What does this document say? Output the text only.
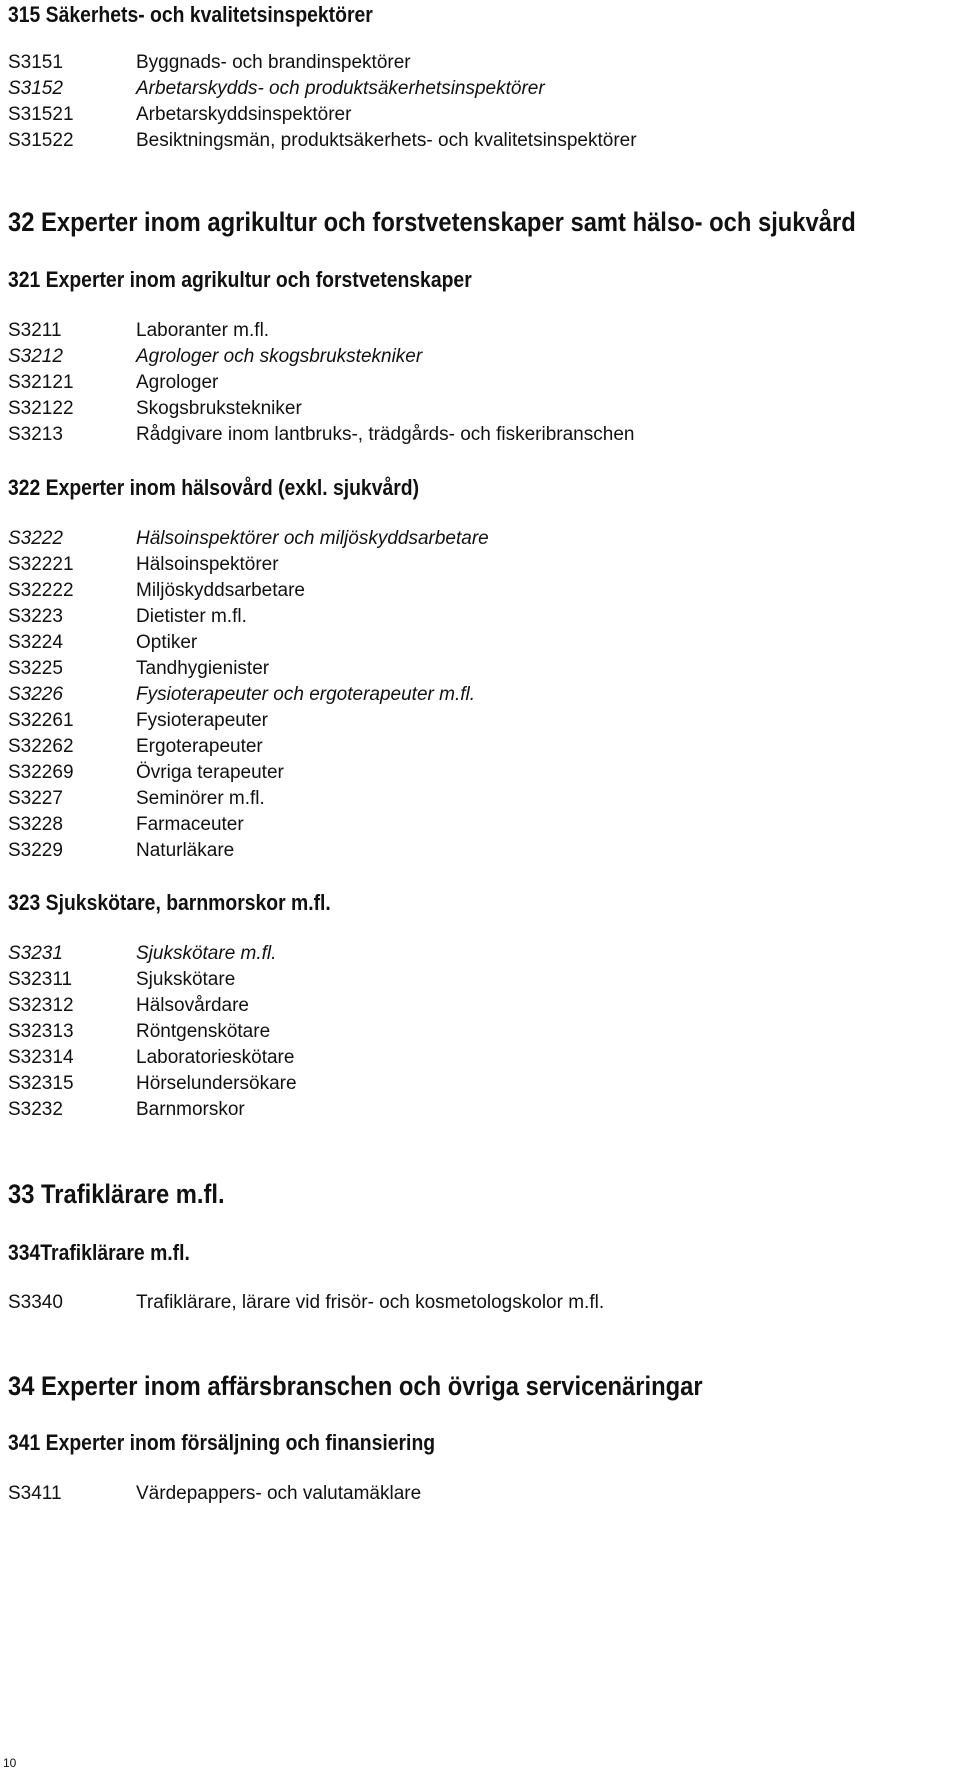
315 Säkerhets- och kvalitetsinspektörer
S3151	Byggnads- och brandinspektörer
S3152	Arbetarskydds- och produktsäkerhetsinspektörer
S31521	Arbetarskyddsinspektörer
S31522	Besiktningsmän, produktsäkerhets- och kvalitetsinspektörer
32 Experter inom agrikultur och forstvetenskaper samt hälso- och sjukvård
321 Experter inom agrikultur och forstvetenskaper
S3211	Laboranter m.fl.
S3212	Agrologer och skogsbrukstekniker
S32121	Agrologer
S32122	Skogsbrukstekniker
S3213	Rådgivare inom lantbruks-, trädgårds- och fiskeribranschen
322 Experter inom hälsovård (exkl. sjukvård)
S3222	Hälsoinspektörer och miljöskyddsarbetare
S32221	Hälsoinspektörer
S32222	Miljöskyddsarbetare
S3223	Dietister m.fl.
S3224	Optiker
S3225	Tandhygienister
S3226	Fysioterapeuter och ergoterapeuter m.fl.
S32261	Fysioterapeuter
S32262	Ergoterapeuter
S32269	Övriga terapeuter
S3227	Seminörer m.fl.
S3228	Farmaceuter
S3229	Naturläkare
323 Sjukskötare, barnmorskor m.fl.
S3231	Sjukskötare m.fl.
S32311	Sjukskötare
S32312	Hälsovårdare
S32313	Röntgenskötare
S32314	Laboratorieskötare
S32315	Hörselundersökare
S3232	Barnmorskor
33 Trafiklärare m.fl.
334Trafiklärare m.fl.
S3340	Trafiklärare, lärare vid frisör- och kosmetologskolor m.fl.
34 Experter inom affärsbranschen och övriga servicenäringar
341 Experter inom försäljning och finansiering
S3411	Värdepappers- och valutamäklare
10
